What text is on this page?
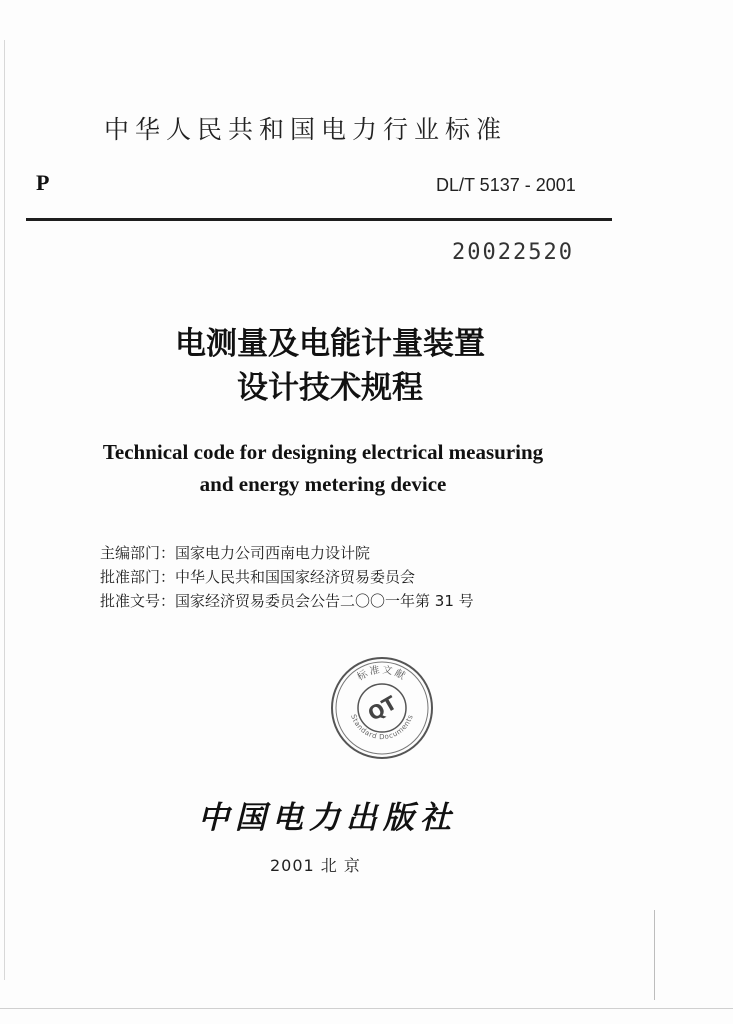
中华人民共和国电力行业标准
P	DL/T 5137 - 2001
20022520
电测量及电能计量装置
设计技术规程
Technical code for designing electrical measuring
and energy metering device
主编部门：国家电力公司西南电力设计院
批准部门：中华人民共和国国家经济贸易委员会
批准文号：国家经济贸易委员会公告二〇〇一年第 31 号
标准文献
Standard Documents
QT
中国电力出版社
2001 北 京
